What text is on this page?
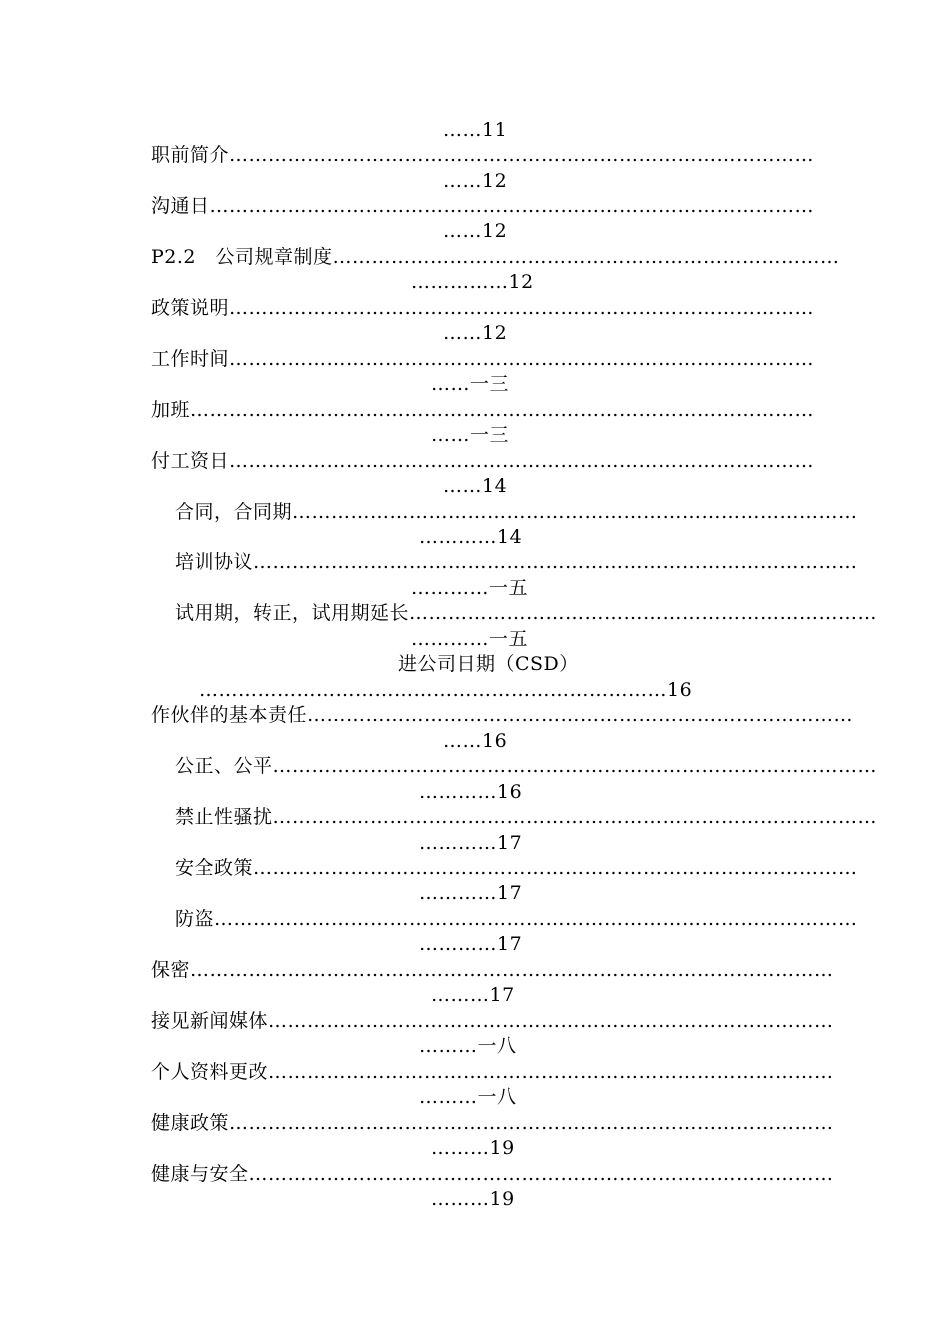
……11
职前简介………………………………………………………………………………
……12
沟通日…………………………………………………………………………………
……12
P2.2　公司规章制度……………………………………………………………………
……………12
政策说明………………………………………………………………………………
……12
工作时间………………………………………………………………………………
……一三
加班……………………………………………………………………………………
……一三
付工资日………………………………………………………………………………
……14
合同，合同期……………………………………………………………………………
…………14
培训协议…………………………………………………………………………………
…………一五
试用期，转正，试用期延长………………………………………………………………
…………一五
进公司日期（CSD）
………………………………………………………………16
作伙伴的基本责任…………………………………………………………………………
……16
公正、公平…………………………………………………………………………………
…………16
禁止性骚扰…………………………………………………………………………………
…………17
安全政策…………………………………………………………………………………
…………17
防盗………………………………………………………………………………………
…………17
保密………………………………………………………………………………………
………17
接见新闻媒体……………………………………………………………………………
………一八
个人资料更改……………………………………………………………………………
………一八
健康政策…………………………………………………………………………………
………19
健康与安全………………………………………………………………………………
………19
